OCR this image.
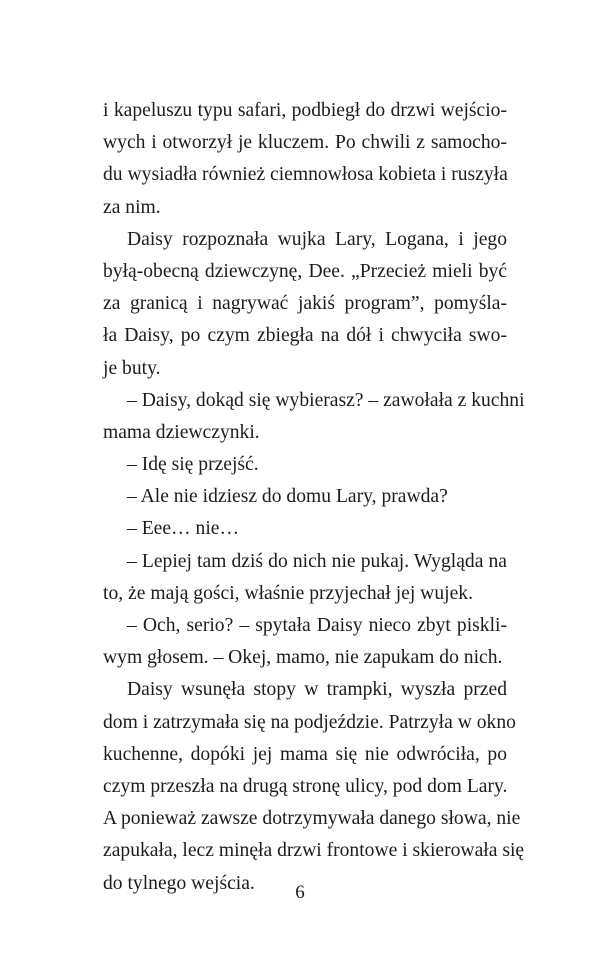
i kapeluszu typu safari, podbiegł do drzwi wejścio-
wych i otworzył je kluczem. Po chwili z samocho-
du wysiadła również ciemnowłosa kobieta i ruszyła
za nim.
Daisy rozpoznała wujka Lary, Logana, i jego
byłą-obecną dziewczynę, Dee. „Przecież mieli być
za granicą i nagrywać jakiś program”, pomyśla-
ła Daisy, po czym zbiegła na dół i chwyciła swo-
je buty.
– Daisy, dokąd się wybierasz? – zawołała z kuchni
mama dziewczynki.
– Idę się przejść.
– Ale nie idziesz do domu Lary, prawda?
– Eee… nie…
– Lepiej tam dziś do nich nie pukaj. Wygląda na
to, że mają gości, właśnie przyjechał jej wujek.
– Och, serio? – spytała Daisy nieco zbyt piskli-
wym głosem. – Okej, mamo, nie zapukam do nich.
Daisy wsunęła stopy w trampki, wyszła przed
dom i zatrzymała się na podjeździe. Patrzyła w okno
kuchenne, dopóki jej mama się nie odwróciła, po
czym przeszła na drugą stronę ulicy, pod dom Lary.
A ponieważ zawsze dotrzymywała danego słowa, nie
zapukała, lecz minęła drzwi frontowe i skierowała się
do tylnego wejścia.	6
